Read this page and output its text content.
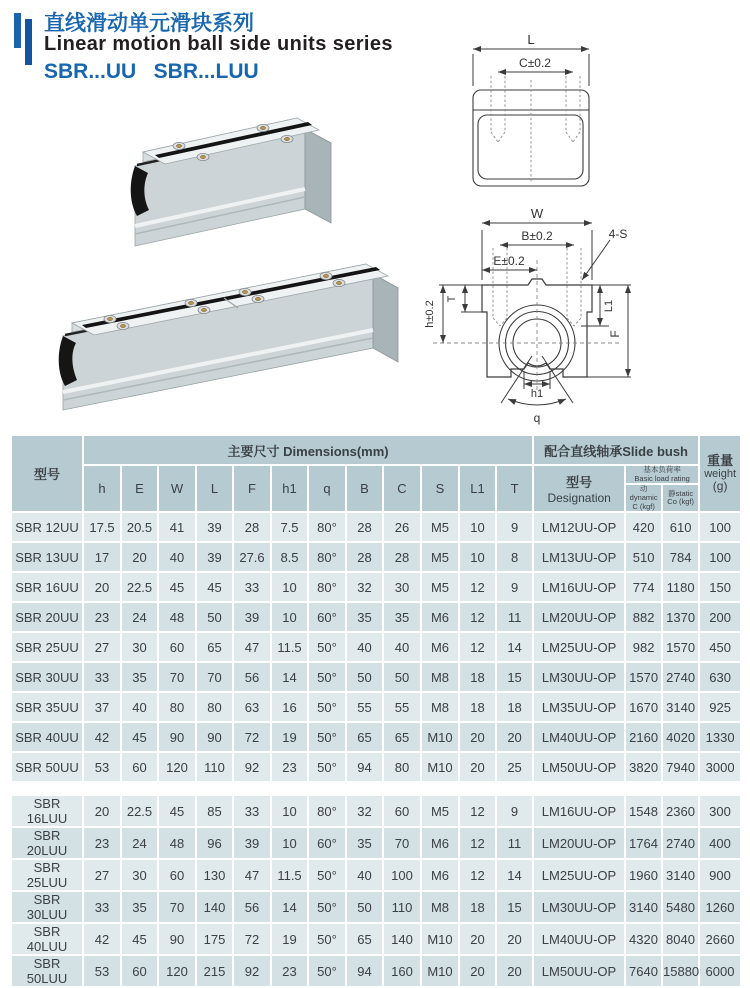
直线滑动单元滑块系列
Linear motion ball side units series
SBR...UU   SBR...LUU
L
C±0.2
W
B±0.2
E±0.2
4-S
h±0.2
T
L1
F
h1
q
型号	主要尺寸 Dimensions(mm)												配合直线轴承Slide bush			重量
weight
(g)

h	E	W	L	F	h1	q	B	C	S	L1	T	型号
Designation

基本负荷率
Basic load rating

动dynamic
C (kgf)

静static
Co (kgf)

SBR 12UU	17.5	20.5	41	39	28	7.5	80°	28	26	M5	10	9	LM12UU-OP	420	610	100
SBR 13UU	17	20	40	39	27.6	8.5	80°	28	28	M5	10	8	LM13UU-OP	510	784	100
SBR 16UU	20	22.5	45	45	33	10	80°	32	30	M5	12	9	LM16UU-OP	774	1180	150
SBR 20UU	23	24	48	50	39	10	60°	35	35	M6	12	11	LM20UU-OP	882	1370	200
SBR 25UU	27	30	60	65	47	11.5	50°	40	40	M6	12	14	LM25UU-OP	982	1570	450
SBR 30UU	33	35	70	70	56	14	50°	50	50	M8	18	15	LM30UU-OP	1570	2740	630
SBR 35UU	37	40	80	80	63	16	50°	55	55	M8	18	18	LM35UU-OP	1670	3140	925
SBR 40UU	42	45	90	90	72	19	50°	65	65	M10	20	20	LM40UU-OP	2160	4020	1330
SBR 50UU	53	60	120	110	92	23	50°	94	80	M10	20	25	LM50UU-OP	3820	7940	3000
SBR 16LUU	20	22.5	45	85	33	10	80°	32	60	M5	12	9	LM16UU-OP	1548	2360	300
SBR 20LUU	23	24	48	96	39	10	60°	35	70	M6	12	11	LM20UU-OP	1764	2740	400
SBR 25LUU	27	30	60	130	47	11.5	50°	40	100	M6	12	14	LM25UU-OP	1960	3140	900
SBR 30LUU	33	35	70	140	56	14	50°	50	110	M8	18	15	LM30UU-OP	3140	5480	1260
SBR 40LUU	42	45	90	175	72	19	50°	65	140	M10	20	20	LM40UU-OP	4320	8040	2660
SBR 50LUU	53	60	120	215	92	23	50°	94	160	M10	20	20	LM50UU-OP	7640	15880	6000
